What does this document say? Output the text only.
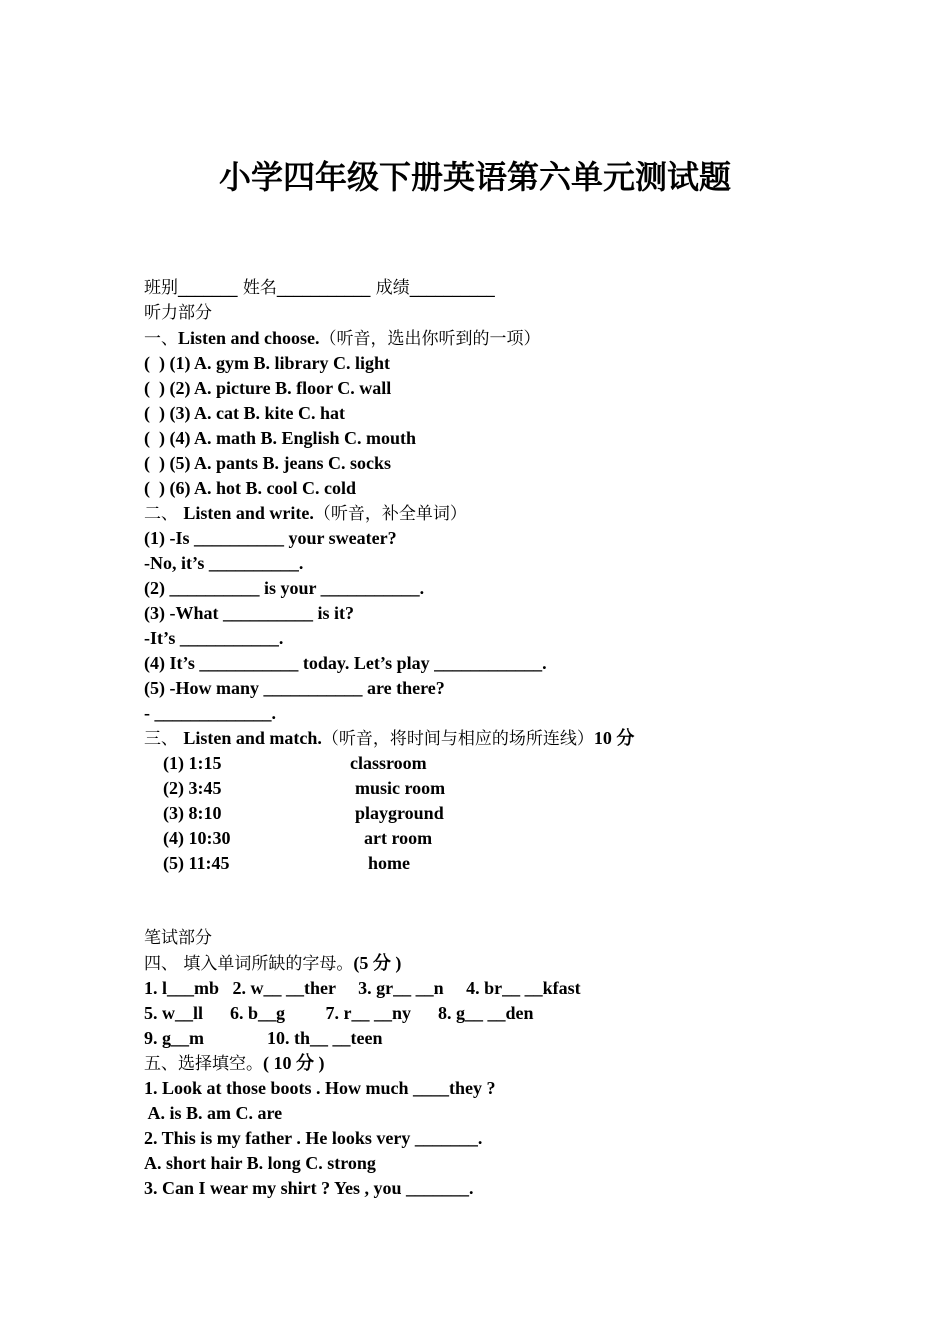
小学四年级下册英语第六单元测试题
班别_______ 姓名___________ 成绩__________
听力部分
一、Listen and choose.（听音，选出你听到的一项）
(  ) (1) A. gym B. library C. light
(  ) (2) A. picture B. floor C. wall
(  ) (3) A. cat B. kite C. hat
(  ) (4) A. math B. English C. mouth
(  ) (5) A. pants B. jeans C. socks
(  ) (6) A. hot B. cool C. cold
二、 Listen and write.（听音，补全单词）
(1) -Is __________ your sweater?
-No, it’s __________.
(2) __________ is your ___________.
(3) -What __________ is it?
-It’s ___________.
(4) It’s ___________ today. Let’s play ____________.
(5) -How many ___________ are there?
- _____________.
三、 Listen and match.（听音，将时间与相应的场所连线）10 分
(1) 1:15	classroom
(2) 3:45	music room
(3) 8:10	playground
(4) 10:30	art room
(5) 11:45	home
笔试部分
四、 填入单词所缺的字母。(5 分 )
1. l___mb   2. w__ __ther     3. gr__ __n     4. br__ __kfast
5. w__ll      6. b__g         7. r__ __ny      8. g__ __den
9. g__m              10. th__ __teen
五、选择填空。( 10 分 )
1. Look at those boots . How much ____they ?
A. is B. am C. are
2. This is my father . He looks very _______.
A. short hair B. long C. strong
3. Can I wear my shirt ? Yes , you _______.
